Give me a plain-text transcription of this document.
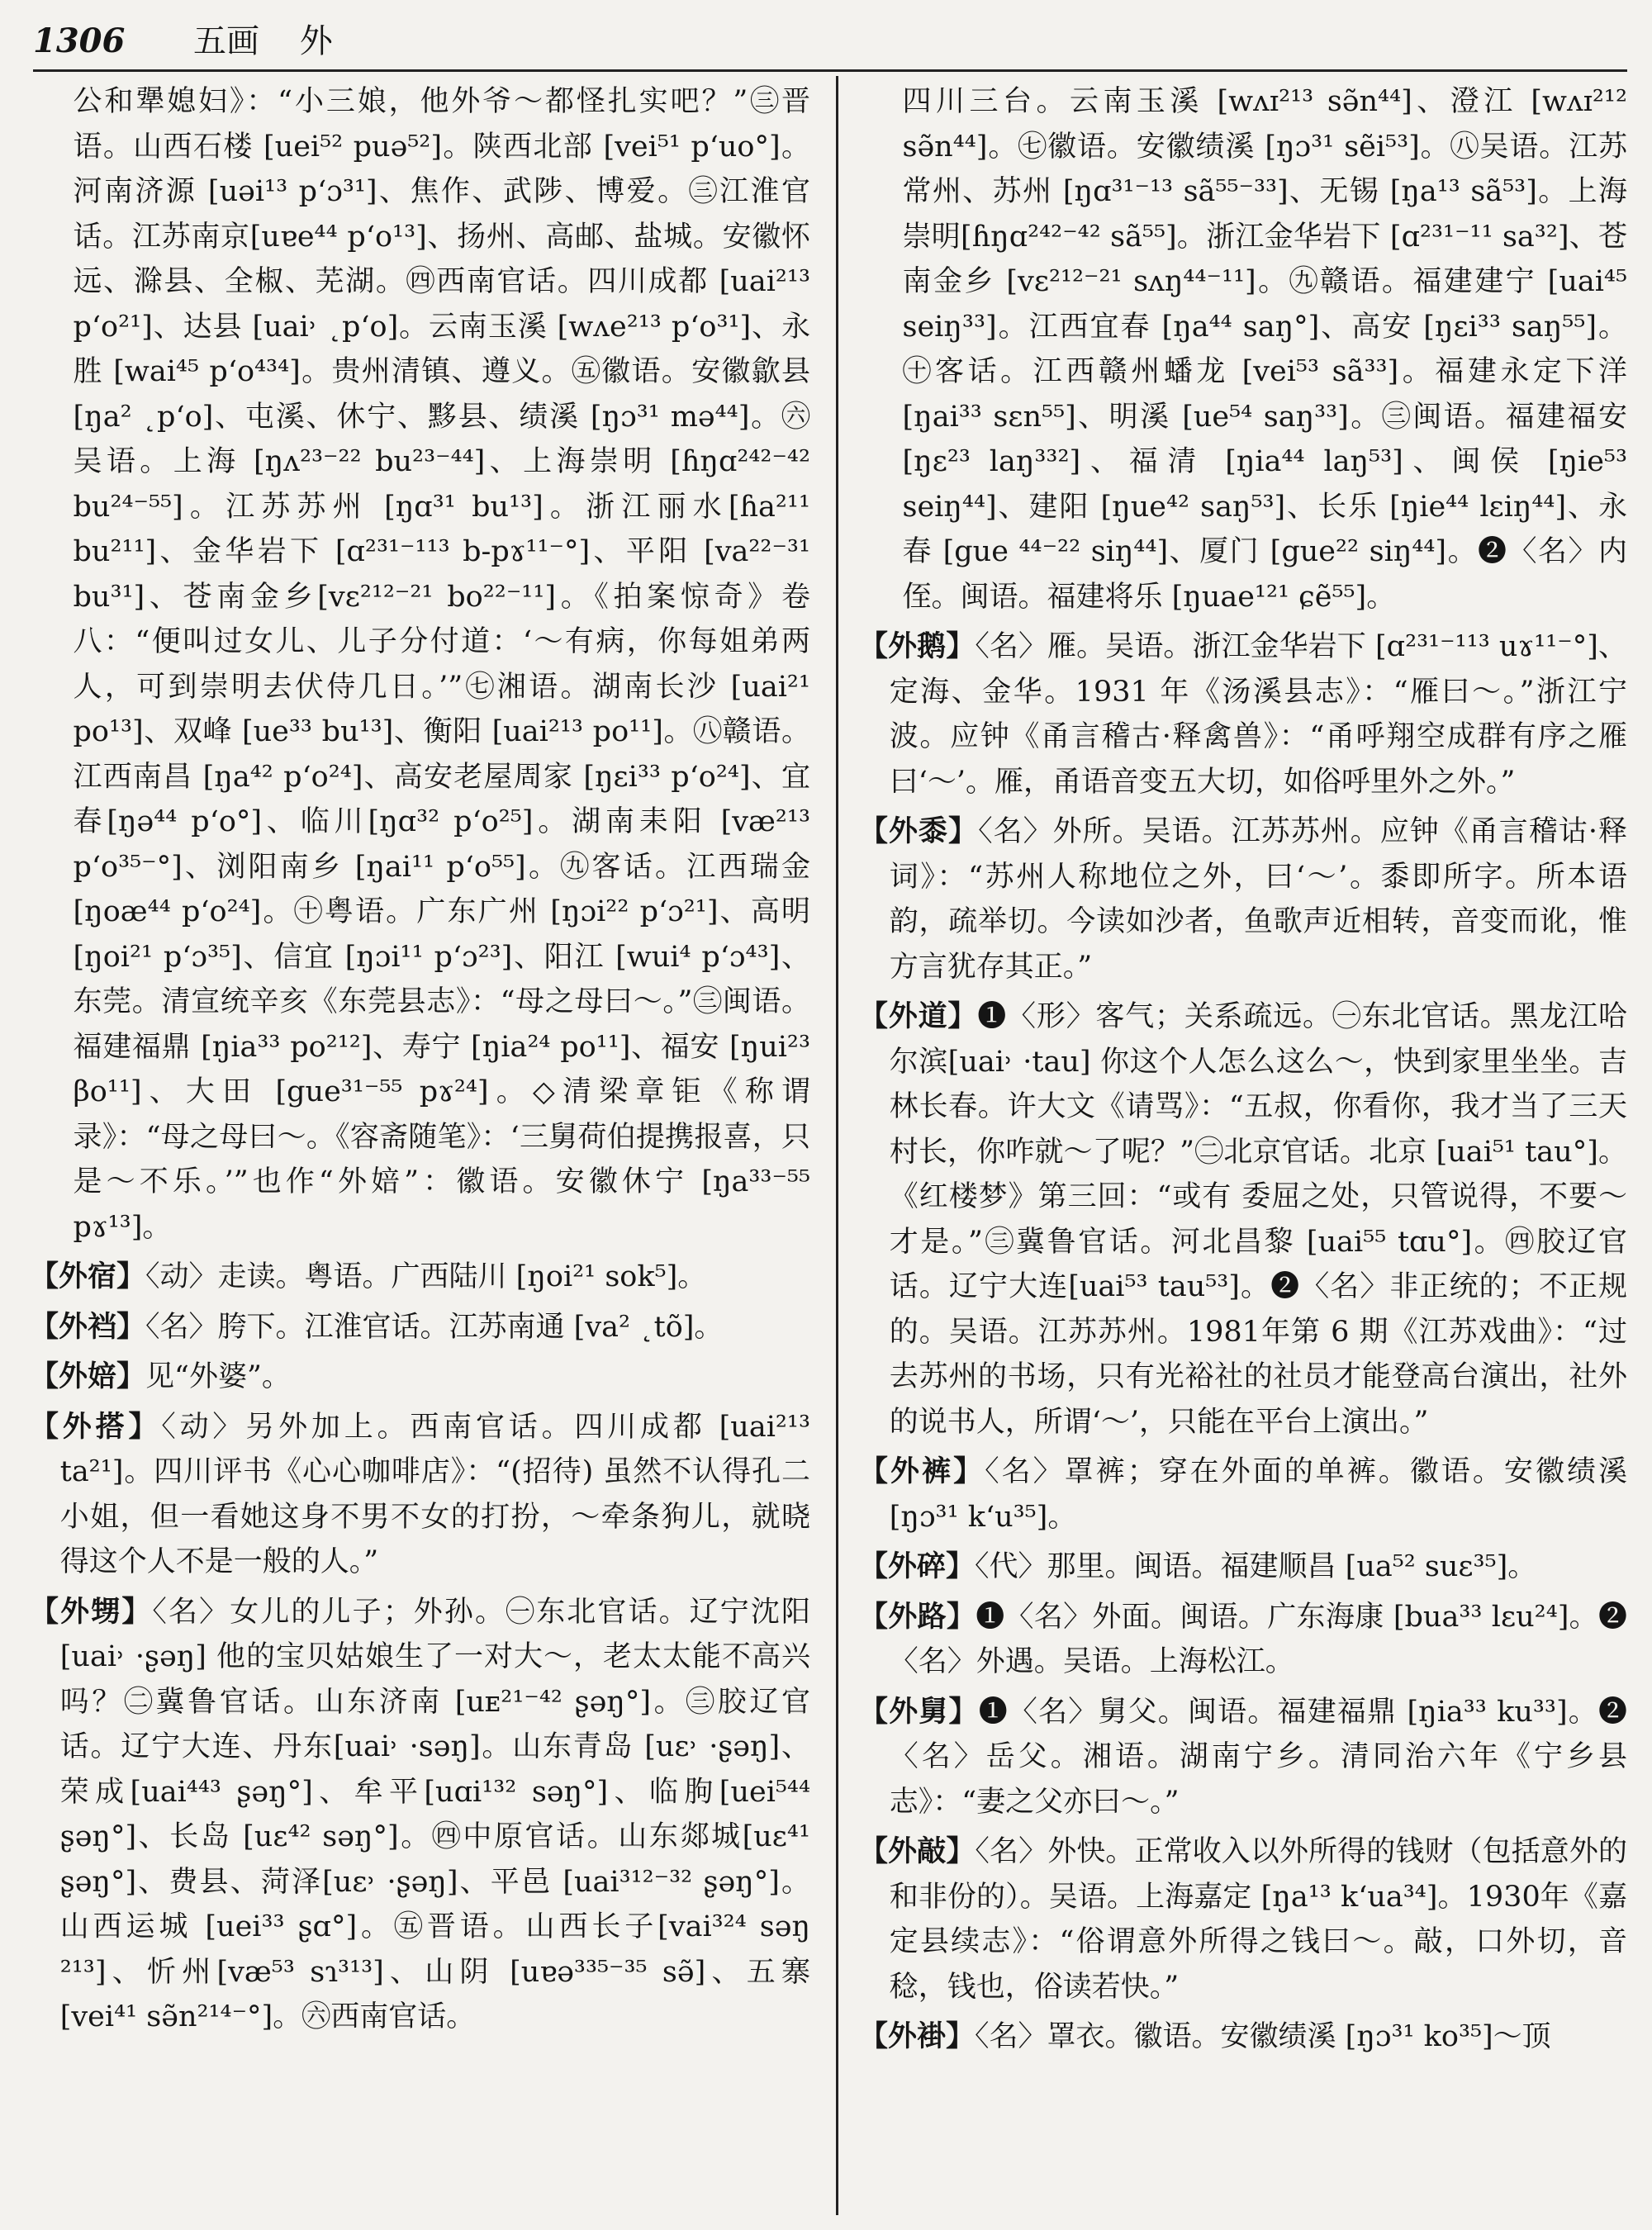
1306 五画 外

公和犟媳妇》：“小三娘，他外爷～都怪扎实吧？”㊂晋语。山西石楼 [uei⁵² puə⁵²]。陕西北部 [vei⁵¹ p‘uo°]。河南济源 [uəi¹³ p‘ɔ³¹]、焦作、武陟、博爱。㊂江淮官话。江苏南京[uɐe⁴⁴ p‘o¹³]、扬州、高邮、盐城。安徽怀远、滁县、全椒、芜湖。㊃西南官话。四川成都 [uai²¹³ p‘o²¹]、达县 [uai˒ ˛p‘o]。云南玉溪 [wʌe²¹³ p‘o³¹]、永胜 [wai⁴⁵ p‘o⁴³⁴]。贵州清镇、遵义。㊄徽语。安徽歙县 [ŋa² ˛p‘o]、屯溪、休宁、黟县、绩溪 [ŋɔ³¹ mə⁴⁴]。㊅吴语。上海 [ŋʌ²³⁻²² bu²³⁻⁴⁴]、上海崇明 [ɦŋɑ²⁴²⁻⁴² bu²⁴⁻⁵⁵]。江苏苏州 [ŋɑ³¹ bu¹³]。浙江丽水[ɦa²¹¹ bu²¹¹]、金华岩下 [ɑ²³¹⁻¹¹³ b-pɤ¹¹⁻°]、平阳 [va²²⁻³¹ bu³¹]、苍南金乡[vɛ²¹²⁻²¹ bo²²⁻¹¹]。《拍案惊奇》卷八：“便叫过女儿、儿子分付道：‘～有病，你每姐弟两人，可到崇明去伏侍几日。’”㊆湘语。湖南长沙 [uai²¹ po¹³]、双峰 [ue³³ bu¹³]、衡阳 [uai²¹³ po¹¹]。㊇赣语。江西南昌 [ŋa⁴² p‘o²⁴]、高安老屋周家 [ŋɛi³³ p‘o²⁴]、宜春[ŋə⁴⁴ p‘o°]、临川[ŋɑ³² p‘o²⁵]。湖南耒阳 [væ²¹³ p‘o³⁵⁻°]、浏阳南乡 [ŋai¹¹ p‘o⁵⁵]。㊈客话。江西瑞金 [ŋoæ⁴⁴ p‘o²⁴]。㊉粤语。广东广州 [ŋɔi²² p‘ɔ²¹]、高明 [ŋoi²¹ p‘ɔ³⁵]、信宜 [ŋɔi¹¹ p‘ɔ²³]、阳江 [wui⁴ p‘ɔ⁴³]、东莞。清宣统辛亥《东莞县志》：“母之母曰～。”㊂闽语。福建福鼎 [ŋia³³ po²¹²]、寿宁 [ŋia²⁴ po¹¹]、福安 [ŋui²³ βo¹¹]、大田 [gue³¹⁻⁵⁵ pɤ²⁴]。◇清梁章钜《称谓录》：“母之母曰～。《容斋随笔》：‘三舅荷伯提携报喜，只是～不乐。’”也作“外婄”：徽语。安徽休宁 [ŋa³³⁻⁵⁵ pɤ¹³]。

【外宿】〈动〉走读。粤语。广西陆川 [ŋoi²¹ sok⁵]。

【外裆】〈名〉胯下。江淮官话。江苏南通 [va² ˛tõ]。

【外婄】见“外婆”。

【外搭】〈动〉另外加上。西南官话。四川成都 [uai²¹³ ta²¹]。四川评书《心心咖啡店》：“(招待) 虽然不认得孔二小姐，但一看她这身不男不女的打扮，～牵条狗儿，就晓得这个人不是一般的人。”

【外甥】〈名〉女儿的儿子；外孙。㊀东北官话。辽宁沈阳 [uai˒ ·ʂəŋ] 他的宝贝姑娘生了一对大～，老太太能不高兴吗？㊁冀鲁官话。山东济南 [uᴇ²¹⁻⁴² ʂəŋ°]。㊂胶辽官话。辽宁大连、丹东[uai˒ ·səŋ]。山东青岛 [uɛ˒ ·ʂəŋ]、荣成[uai⁴⁴³ ʂəŋ°]、牟平[uɑi¹³² səŋ°]、临朐[uei⁵⁴⁴ ʂəŋ°]、长岛 [uɛ⁴² səŋ°]。㊃中原官话。山东郯城[uɛ⁴¹ ʂəŋ°]、费县、菏泽[uɛ˒ ·ʂəŋ]、平邑 [uai³¹²⁻³² ʂəŋ°]。山西运城 [uei³³ ʂɑ°]。㊄晋语。山西长子[vai³²⁴ səŋ ²¹³]、忻州[væ⁵³ sɿ³¹³]、山阴 [uɐə³³⁵⁻³⁵ sə̃]、五寨 [vei⁴¹ sə̃n²¹⁴⁻°]。㊅西南官话。

四川三台。云南玉溪 [wʌɪ²¹³ sə̃n⁴⁴]、澄江 [wʌɪ²¹² sə̃n⁴⁴]。㊆徽语。安徽绩溪 [ŋɔ³¹ sẽi⁵³]。㊇吴语。江苏常州、苏州 [ŋɑ³¹⁻¹³ sã⁵⁵⁻³³]、无锡 [ŋa¹³ sã⁵³]。上海崇明[ɦŋɑ²⁴²⁻⁴² sã⁵⁵]。浙江金华岩下 [ɑ²³¹⁻¹¹ sa³²]、苍南金乡 [vɛ²¹²⁻²¹ sʌŋ⁴⁴⁻¹¹]。㊈赣语。福建建宁 [uai⁴⁵ seiŋ³³]。江西宜春 [ŋa⁴⁴ saŋ°]、高安 [ŋɛi³³ saŋ⁵⁵]。㊉客话。江西赣州蟠龙 [vei⁵³ sã³³]。福建永定下洋 [ŋai³³ sɛn⁵⁵]、明溪 [ue⁵⁴ saŋ³³]。㊂闽语。福建福安 [ŋɛ²³ laŋ³³²]、福清 [ŋia⁴⁴ laŋ⁵³]、闽侯 [ŋie⁵³ seiŋ⁴⁴]、建阳 [ŋue⁴² saŋ⁵³]、长乐 [ŋie⁴⁴ lɛiŋ⁴⁴]、永春 [gue ⁴⁴⁻²² siŋ⁴⁴]、厦门 [gue²² siŋ⁴⁴]。❷〈名〉内侄。闽语。福建将乐 [ŋuae¹²¹ ɕẽ⁵⁵]。

【外鹅】〈名〉雁。吴语。浙江金华岩下 [ɑ²³¹⁻¹¹³ uɤ¹¹⁻°]、定海、金华。1931 年《汤溪县志》：“雁曰～。”浙江宁波。应钟《甬言稽古·释禽兽》：“甬呼翔空成群有序之雁曰‘～’。雁，甬语音变五大切，如俗呼里外之外。”

【外黍】〈名〉外所。吴语。江苏苏州。应钟《甬言稽诂·释词》：“苏州人称地位之外，曰‘～’。黍即所字。所本语韵，疏举切。今读如沙者，鱼歌声近相转，音变而讹，惟方言犹存其正。”

【外道】❶〈形〉客气；关系疏远。㊀东北官话。黑龙江哈尔滨[uai˒ ·tau] 你这个人怎么这么～，快到家里坐坐。吉林长春。许大文《请骂》：“五叔，你看你，我才当了三天村长，你咋就～了呢？”㊁北京官话。北京 [uai⁵¹ tau°]。《红楼梦》第三回：“或有 委屈之处，只管说得，不要～才是。”㊂冀鲁官话。河北昌黎 [uai⁵⁵ tɑu°]。㊃胶辽官话。辽宁大连[uai⁵³ tau⁵³]。❷〈名〉非正统的；不正规的。吴语。江苏苏州。1981年第 6 期《江苏戏曲》：“过去苏州的书场，只有光裕社的社员才能登高台演出，社外的说书人，所谓‘～’，只能在平台上演出。”

【外裤】〈名〉罩裤；穿在外面的单裤。徽语。安徽绩溪 [ŋɔ³¹ k‘u³⁵]。

【外碎】〈代〉那里。闽语。福建顺昌 [ua⁵² suɛ³⁵]。

【外路】❶〈名〉外面。闽语。广东海康 [bua³³ lɛu²⁴]。❷〈名〉外遇。吴语。上海松江。

【外舅】❶〈名〉舅父。闽语。福建福鼎 [ŋia³³ ku³³]。❷〈名〉岳父。湘语。湖南宁乡。清同治六年《宁乡县志》：“妻之父亦曰～。”

【外敲】〈名〉外快。正常收入以外所得的钱财（包括意外的和非份的）。吴语。上海嘉定 [ŋa¹³ k‘ua³⁴]。1930年《嘉定县续志》：“俗谓意外所得之钱曰～。敲，口外切，音稔，钱也，俗读若快。”

【外褂】〈名〉罩衣。徽语。安徽绩溪 [ŋɔ³¹ ko³⁵]～顶
